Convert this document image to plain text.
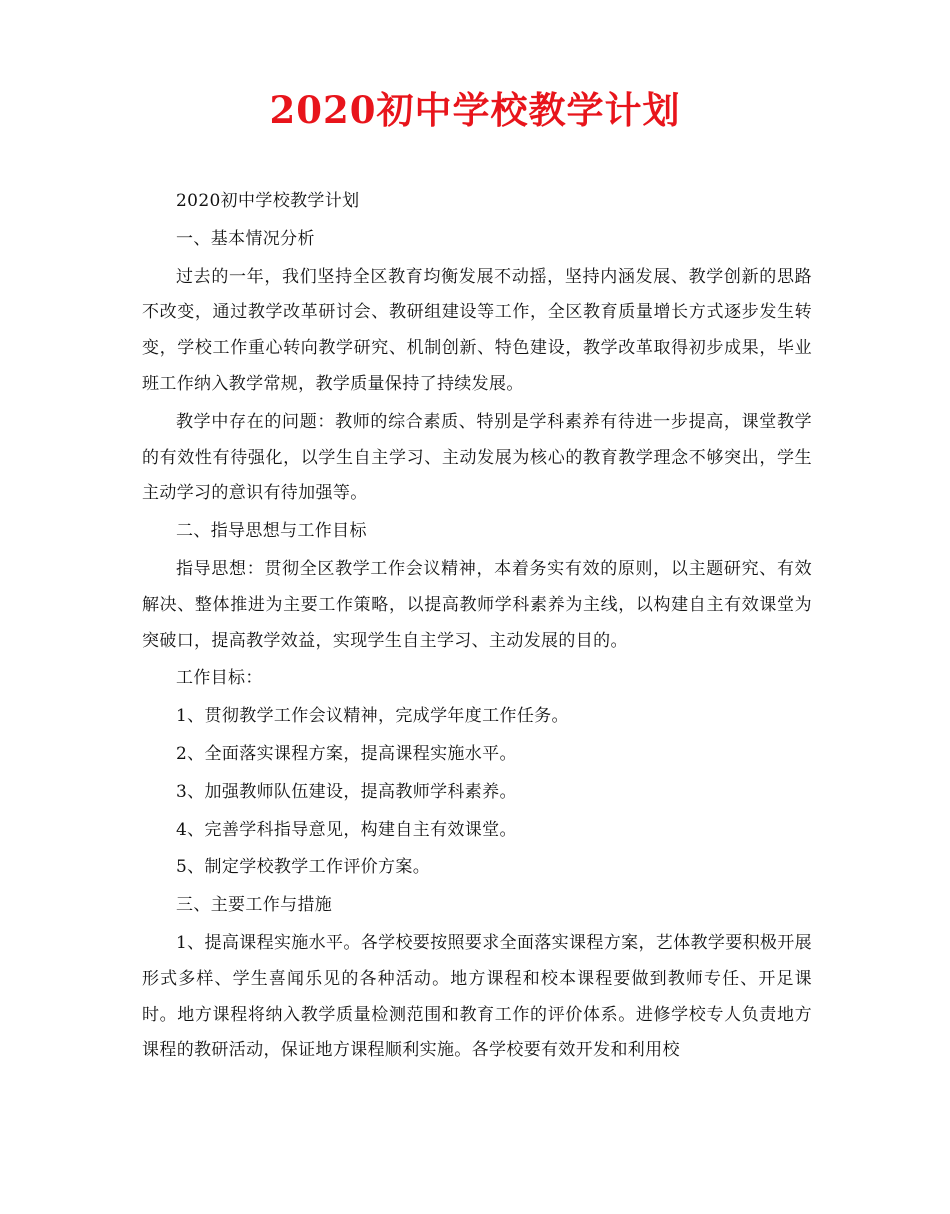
2020初中学校教学计划

2020初中学校教学计划

一、基本情况分析

过去的一年，我们坚持全区教育均衡发展不动摇，坚持内涵发展、教学创新的思路不改变，通过教学改革研讨会、教研组建设等工作，全区教育质量增长方式逐步发生转变，学校工作重心转向教学研究、机制创新、特色建设，教学改革取得初步成果，毕业班工作纳入教学常规，教学质量保持了持续发展。

教学中存在的问题：教师的综合素质、特别是学科素养有待进一步提高，课堂教学的有效性有待强化，以学生自主学习、主动发展为核心的教育教学理念不够突出，学生主动学习的意识有待加强等。

二、指导思想与工作目标

指导思想：贯彻全区教学工作会议精神，本着务实有效的原则，以主题研究、有效解决、整体推进为主要工作策略，以提高教师学科素养为主线，以构建自主有效课堂为突破口，提高教学效益，实现学生自主学习、主动发展的目的。

工作目标：

1、贯彻教学工作会议精神，完成学年度工作任务。

2、全面落实课程方案，提高课程实施水平。

3、加强教师队伍建设，提高教师学科素养。

4、完善学科指导意见，构建自主有效课堂。

5、制定学校教学工作评价方案。

三、主要工作与措施

1、提高课程实施水平。各学校要按照要求全面落实课程方案，艺体教学要积极开展形式多样、学生喜闻乐见的各种活动。地方课程和校本课程要做到教师专任、开足课时。地方课程将纳入教学质量检测范围和教育工作的评价体系。进修学校专人负责地方课程的教研活动，保证地方课程顺利实施。各学校要有效开发和利用校
